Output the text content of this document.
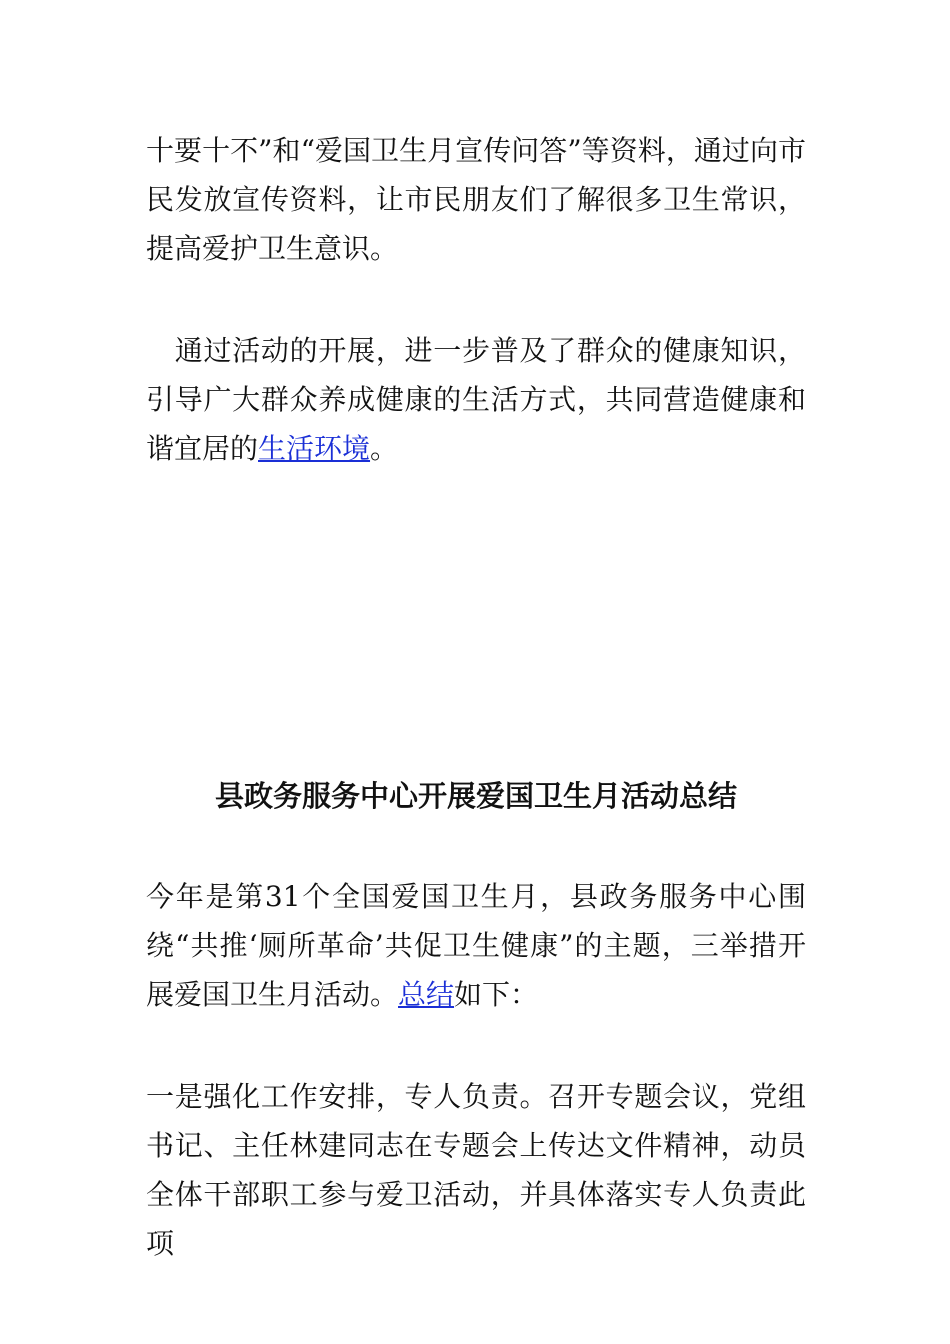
十要十不”和“爱国卫生月宣传问答”等资料，通过向市民发放宣传资料，让市民朋友们了解很多卫生常识，提高爱护卫生意识。

　通过活动的开展，进一步普及了群众的健康知识，引导广大群众养成健康的生活方式，共同营造健康和谐宜居的生活环境。

县政务服务中心开展爱国卫生月活动总结

今年是第31个全国爱国卫生月，县政务服务中心围绕“共推‘厕所革命’共促卫生健康”的主题，三举措开展爱国卫生月活动。总结如下：

一是强化工作安排，专人负责。召开专题会议，党组书记、主任林建同志在专题会上传达文件精神，动员全体干部职工参与爱卫活动，并具体落实专人负责此项
